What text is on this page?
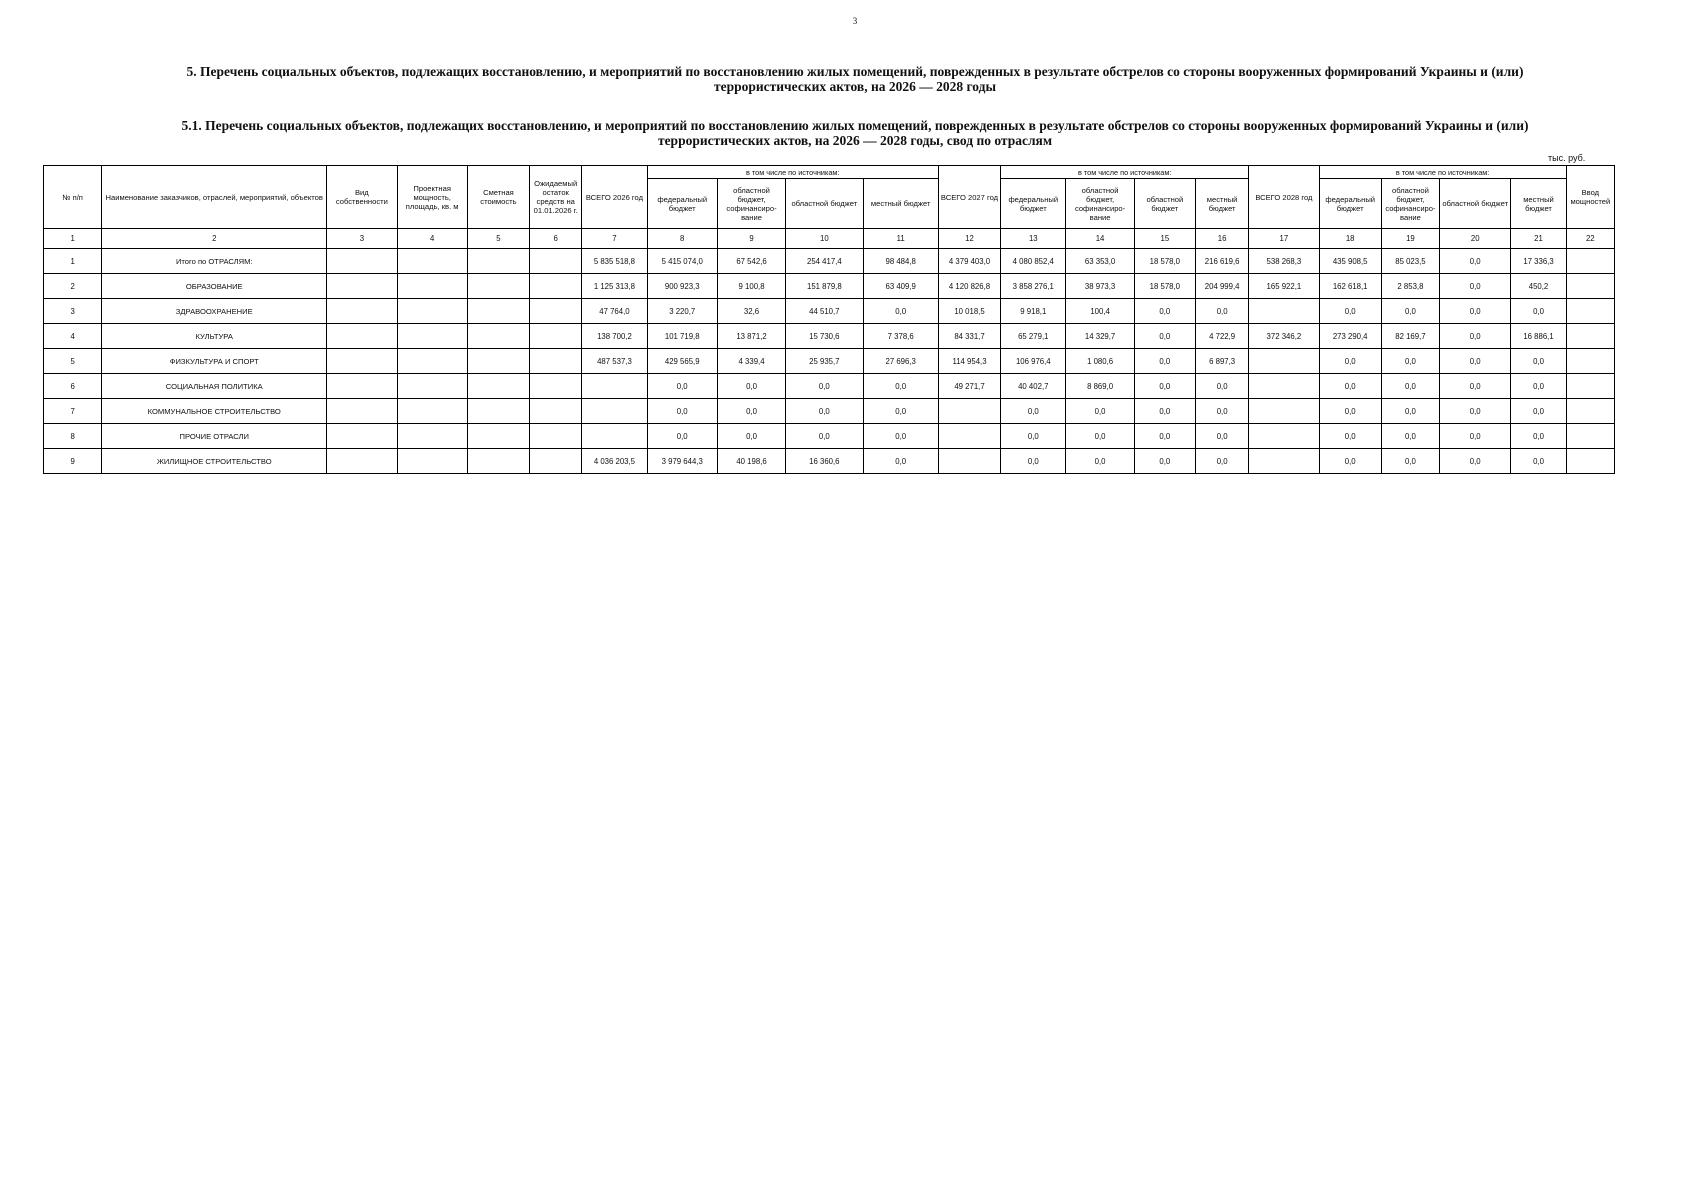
3
5. Перечень социальных объектов, подлежащих восстановлению, и мероприятий по восстановлению жилых помещений, поврежденных в результате обстрелов со стороны вооруженных формирований Украины и (или) террористических актов, на 2026 — 2028 годы
5.1. Перечень социальных объектов, подлежащих восстановлению, и мероприятий по восстановлению жилых помещений, поврежденных в результате обстрелов со стороны вооруженных формирований Украины и (или) террористических актов, на 2026 — 2028 годы, свод по отраслям
тыс. руб.
№ п/п	Наименование заказчиков, отраслей, мероприятий, объектов	Вид собственности	Проектная мощность, площадь, кв. м	Сметная стоимость	Ожидаемый остаток средств на 01.01.2026 г.	ВСЕГО 2026 год	в том числе по источникам:				ВСЕГО 2027 год	в том числе по источникам:				ВСЕГО 2028 год	в том числе по источникам:				Ввод мощностей
							федеральный бюджет	областной бюджет, софинансиро-вание	областной бюджет	местный бюджет		федеральный бюджет	областной бюджет, софинансиро-вание	областной бюджет	местный бюджет		федеральный бюджет	областной бюджет, софинансиро-вание	областной бюджет	местный бюджет	
1	2	3	4	5	6	7	8	9	10	11	12	13	14	15	16	17	18	19	20	21	22
1	Итого по ОТРАСЛЯМ:					5 835 518,8	5 415 074,0	67 542,6	254 417,4	98 484,8	4 379 403,0	4 080 852,4	63 353,0	18 578,0	216 619,6	538 268,3	435 908,5	85 023,5	0,0	17 336,3	
2	ОБРАЗОВАНИЕ					1 125 313,8	900 923,3	9 100,8	151 879,8	63 409,9	4 120 826,8	3 858 276,1	38 973,3	18 578,0	204 999,4	165 922,1	162 618,1	2 853,8	0,0	450,2	
3	ЗДРАВООХРАНЕНИЕ					47 764,0	3 220,7	32,6	44 510,7	0,0	10 018,5	9 918,1	100,4	0,0	0,0		0,0	0,0	0,0	0,0	
4	КУЛЬТУРА					138 700,2	101 719,8	13 871,2	15 730,6	7 378,6	84 331,7	65 279,1	14 329,7	0,0	4 722,9	372 346,2	273 290,4	82 169,7	0,0	16 886,1	
5	ФИЗКУЛЬТУРА И СПОРТ					487 537,3	429 565,9	4 339,4	25 935,7	27 696,3	114 954,3	106 976,4	1 080,6	0,0	6 897,3		0,0	0,0	0,0	0,0	
6	СОЦИАЛЬНАЯ ПОЛИТИКА						0,0	0,0	0,0	0,0	49 271,7	40 402,7	8 869,0	0,0	0,0		0,0	0,0	0,0	0,0	
7	КОММУНАЛЬНОЕ СТРОИТЕЛЬСТВО						0,0	0,0	0,0	0,0		0,0	0,0	0,0	0,0		0,0	0,0	0,0	0,0	
8	ПРОЧИЕ ОТРАСЛИ						0,0	0,0	0,0	0,0		0,0	0,0	0,0	0,0		0,0	0,0	0,0	0,0	
9	ЖИЛИЩНОЕ СТРОИТЕЛЬСТВО					4 036 203,5	3 979 644,3	40 198,6	16 360,6	0,0		0,0	0,0	0,0	0,0		0,0	0,0	0,0	0,0	
